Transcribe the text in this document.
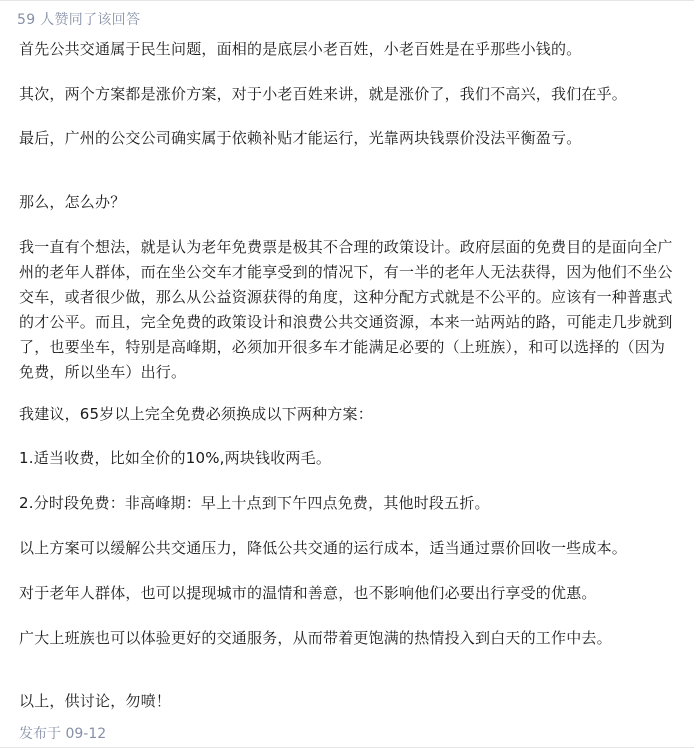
59 人赞同了该回答

首先公共交通属于民生问题，面相的是底层小老百姓，小老百姓是在乎那些小钱的。

其次，两个方案都是涨价方案，对于小老百姓来讲，就是涨价了，我们不高兴，我们在乎。

最后，广州的公交公司确实属于依赖补贴才能运行，光靠两块钱票价没法平衡盈亏。

那么，怎么办？

我一直有个想法，就是认为老年免费票是极其不合理的政策设计。政府层面的免费目的是面向全广州的老年人群体，而在坐公交车才能享受到的情况下，有一半的老年人无法获得，因为他们不坐公交车，或者很少做，那么从公益资源获得的角度，这种分配方式就是不公平的。应该有一种普惠式的才公平。而且，完全免费的政策设计和浪费公共交通资源，本来一站两站的路，可能走几步就到了，也要坐车，特别是高峰期，必须加开很多车才能满足必要的（上班族），和可以选择的（因为免费，所以坐车）出行。

我建议，65岁以上完全免费必须换成以下两种方案：

1.适当收费，比如全价的10%,两块钱收两毛。

2.分时段免费：非高峰期：早上十点到下午四点免费，其他时段五折。

以上方案可以缓解公共交通压力，降低公共交通的运行成本，适当通过票价回收一些成本。

对于老年人群体，也可以提现城市的温情和善意，也不影响他们必要出行享受的优惠。

广大上班族也可以体验更好的交通服务，从而带着更饱满的热情投入到白天的工作中去。

以上，供讨论，勿喷！

发布于 09-12
